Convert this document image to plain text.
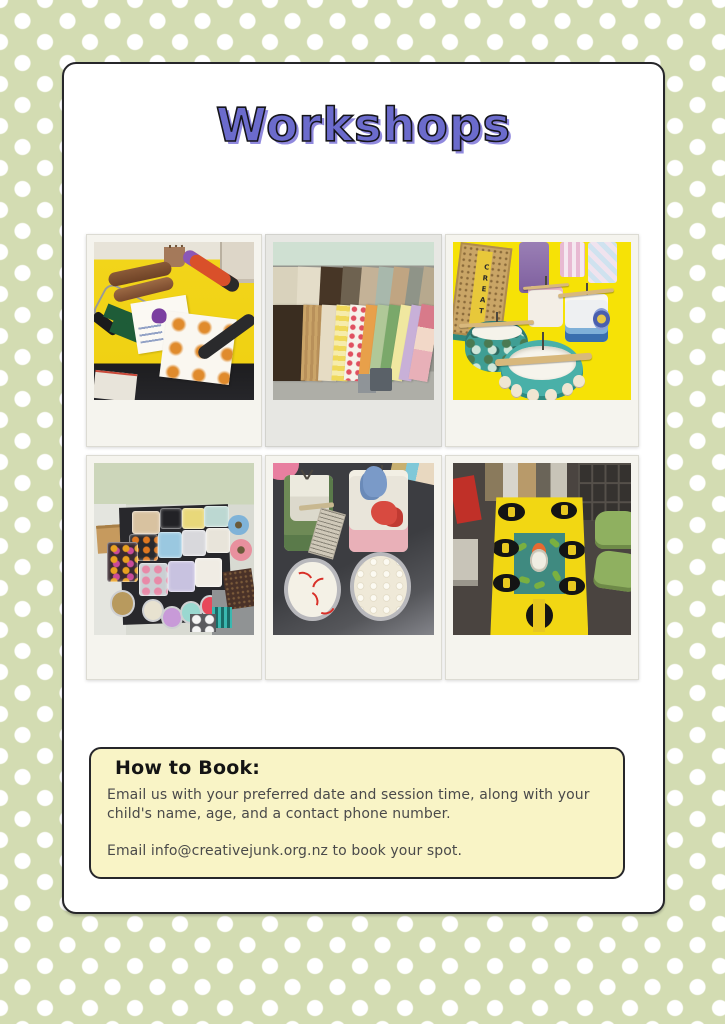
Workshops
CREAT
How to Book:

Email us with your preferred date and session time, along with your child's name, age, and a contact phone number.

Email info@creativejunk.org.nz to book your spot.
